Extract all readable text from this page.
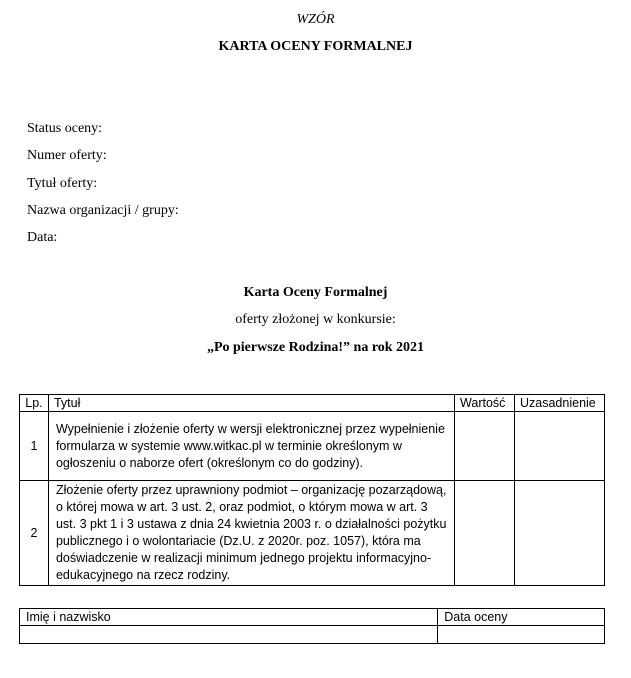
WZÓR
KARTA OCENY FORMALNEJ
Status oceny:
Numer oferty:
Tytuł oferty:
Nazwa organizacji / grupy:
Data:
Karta Oceny Formalnej
oferty złożonej w konkursie:
„Po pierwsze Rodzina!” na rok 2021
Lp.	Tytuł	Wartość	Uzasadnienie
1	Wypełnienie i złożenie oferty w wersji elektronicznej przez wypełnienie formularza w systemie www.witkac.pl w terminie określonym w ogłoszeniu o naborze ofert (określonym co do godziny).		
2	Złożenie oferty przez uprawniony podmiot – organizację pozarządową, o której mowa w art. 3 ust. 2, oraz podmiot, o którym mowa w art. 3 ust. 3 pkt 1 i 3 ustawa z dnia 24 kwietnia 2003 r. o działalności pożytku publicznego i o wolontariacie (Dz.U. z 2020r. poz. 1057), która ma doświadczenie w realizacji minimum jednego projektu informacyjno-edukacyjnego na rzecz rodziny.		
Imię i nazwisko	Data oceny
